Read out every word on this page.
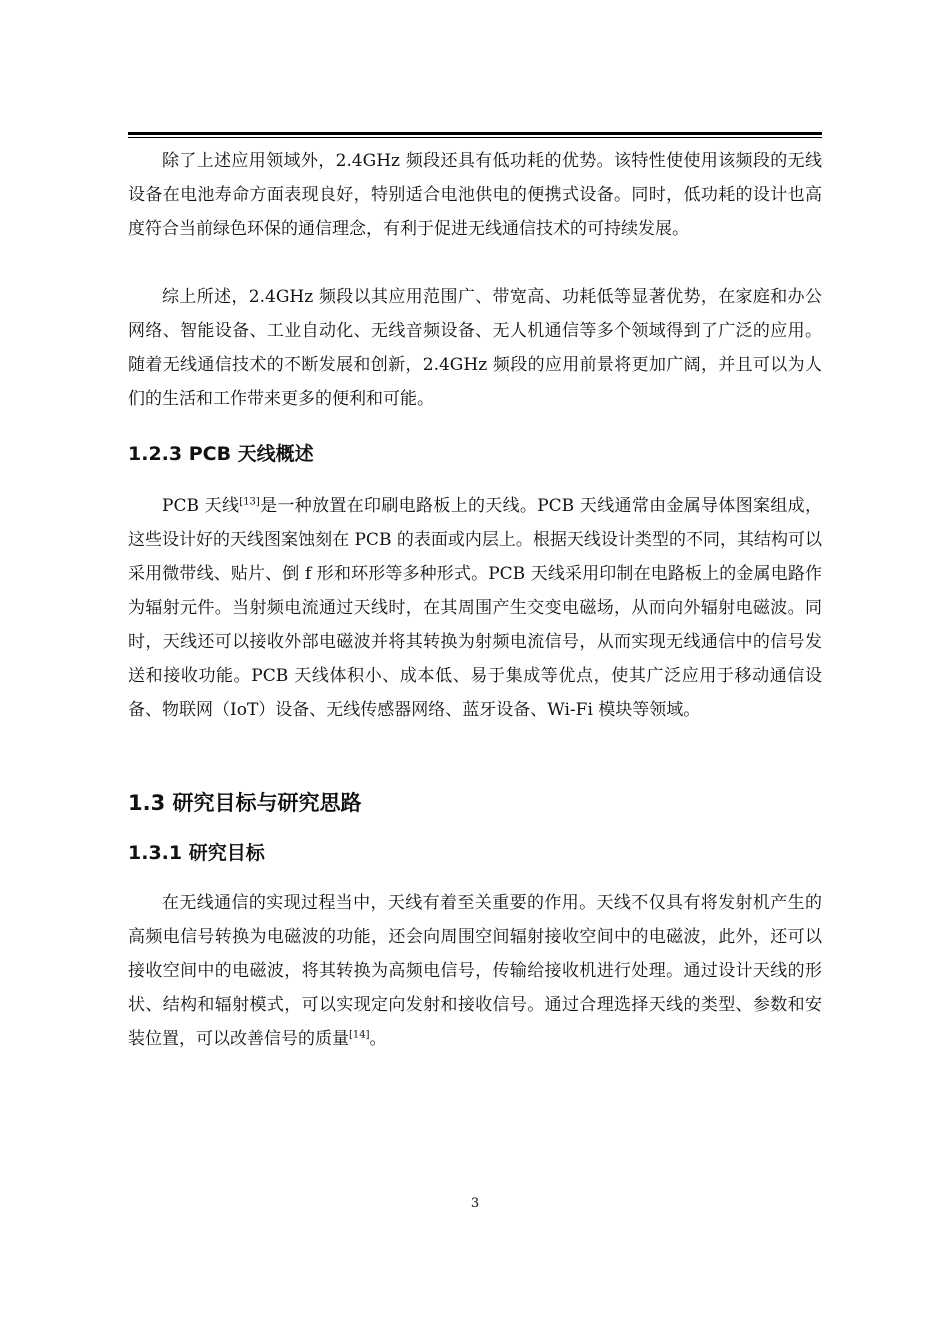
除了上述应用领域外，2.4GHz 频段还具有低功耗的优势。该特性使使用该频段的无线设备在电池寿命方面表现良好，特别适合电池供电的便携式设备。同时，低功耗的设计也高度符合当前绿色环保的通信理念，有利于促进无线通信技术的可持续发展。

综上所述，2.4GHz 频段以其应用范围广、带宽高、功耗低等显著优势，在家庭和办公网络、智能设备、工业自动化、无线音频设备、无人机通信等多个领域得到了广泛的应用。随着无线通信技术的不断发展和创新，2.4GHz 频段的应用前景将更加广阔，并且可以为人们的生活和工作带来更多的便利和可能。

1.2.3 PCB 天线概述

PCB 天线[13]是一种放置在印刷电路板上的天线。PCB 天线通常由金属导体图案组成，这些设计好的天线图案蚀刻在 PCB 的表面或内层上。根据天线设计类型的不同，其结构可以采用微带线、贴片、倒 f 形和环形等多种形式。PCB 天线采用印制在电路板上的金属电路作为辐射元件。当射频电流通过天线时，在其周围产生交变电磁场，从而向外辐射电磁波。同时，天线还可以接收外部电磁波并将其转换为射频电流信号，从而实现无线通信中的信号发送和接收功能。PCB 天线体积小、成本低、易于集成等优点，使其广泛应用于移动通信设备、物联网（IoT）设备、无线传感器网络、蓝牙设备、Wi-Fi 模块等领域。

1.3 研究目标与研究思路
1.3.1 研究目标

在无线通信的实现过程当中，天线有着至关重要的作用。天线不仅具有将发射机产生的高频电信号转换为电磁波的功能，还会向周围空间辐射接收空间中的电磁波，此外，还可以接收空间中的电磁波，将其转换为高频电信号，传输给接收机进行处理。通过设计天线的形状、结构和辐射模式，可以实现定向发射和接收信号。通过合理选择天线的类型、参数和安装位置，可以改善信号的质量[14]。

3
